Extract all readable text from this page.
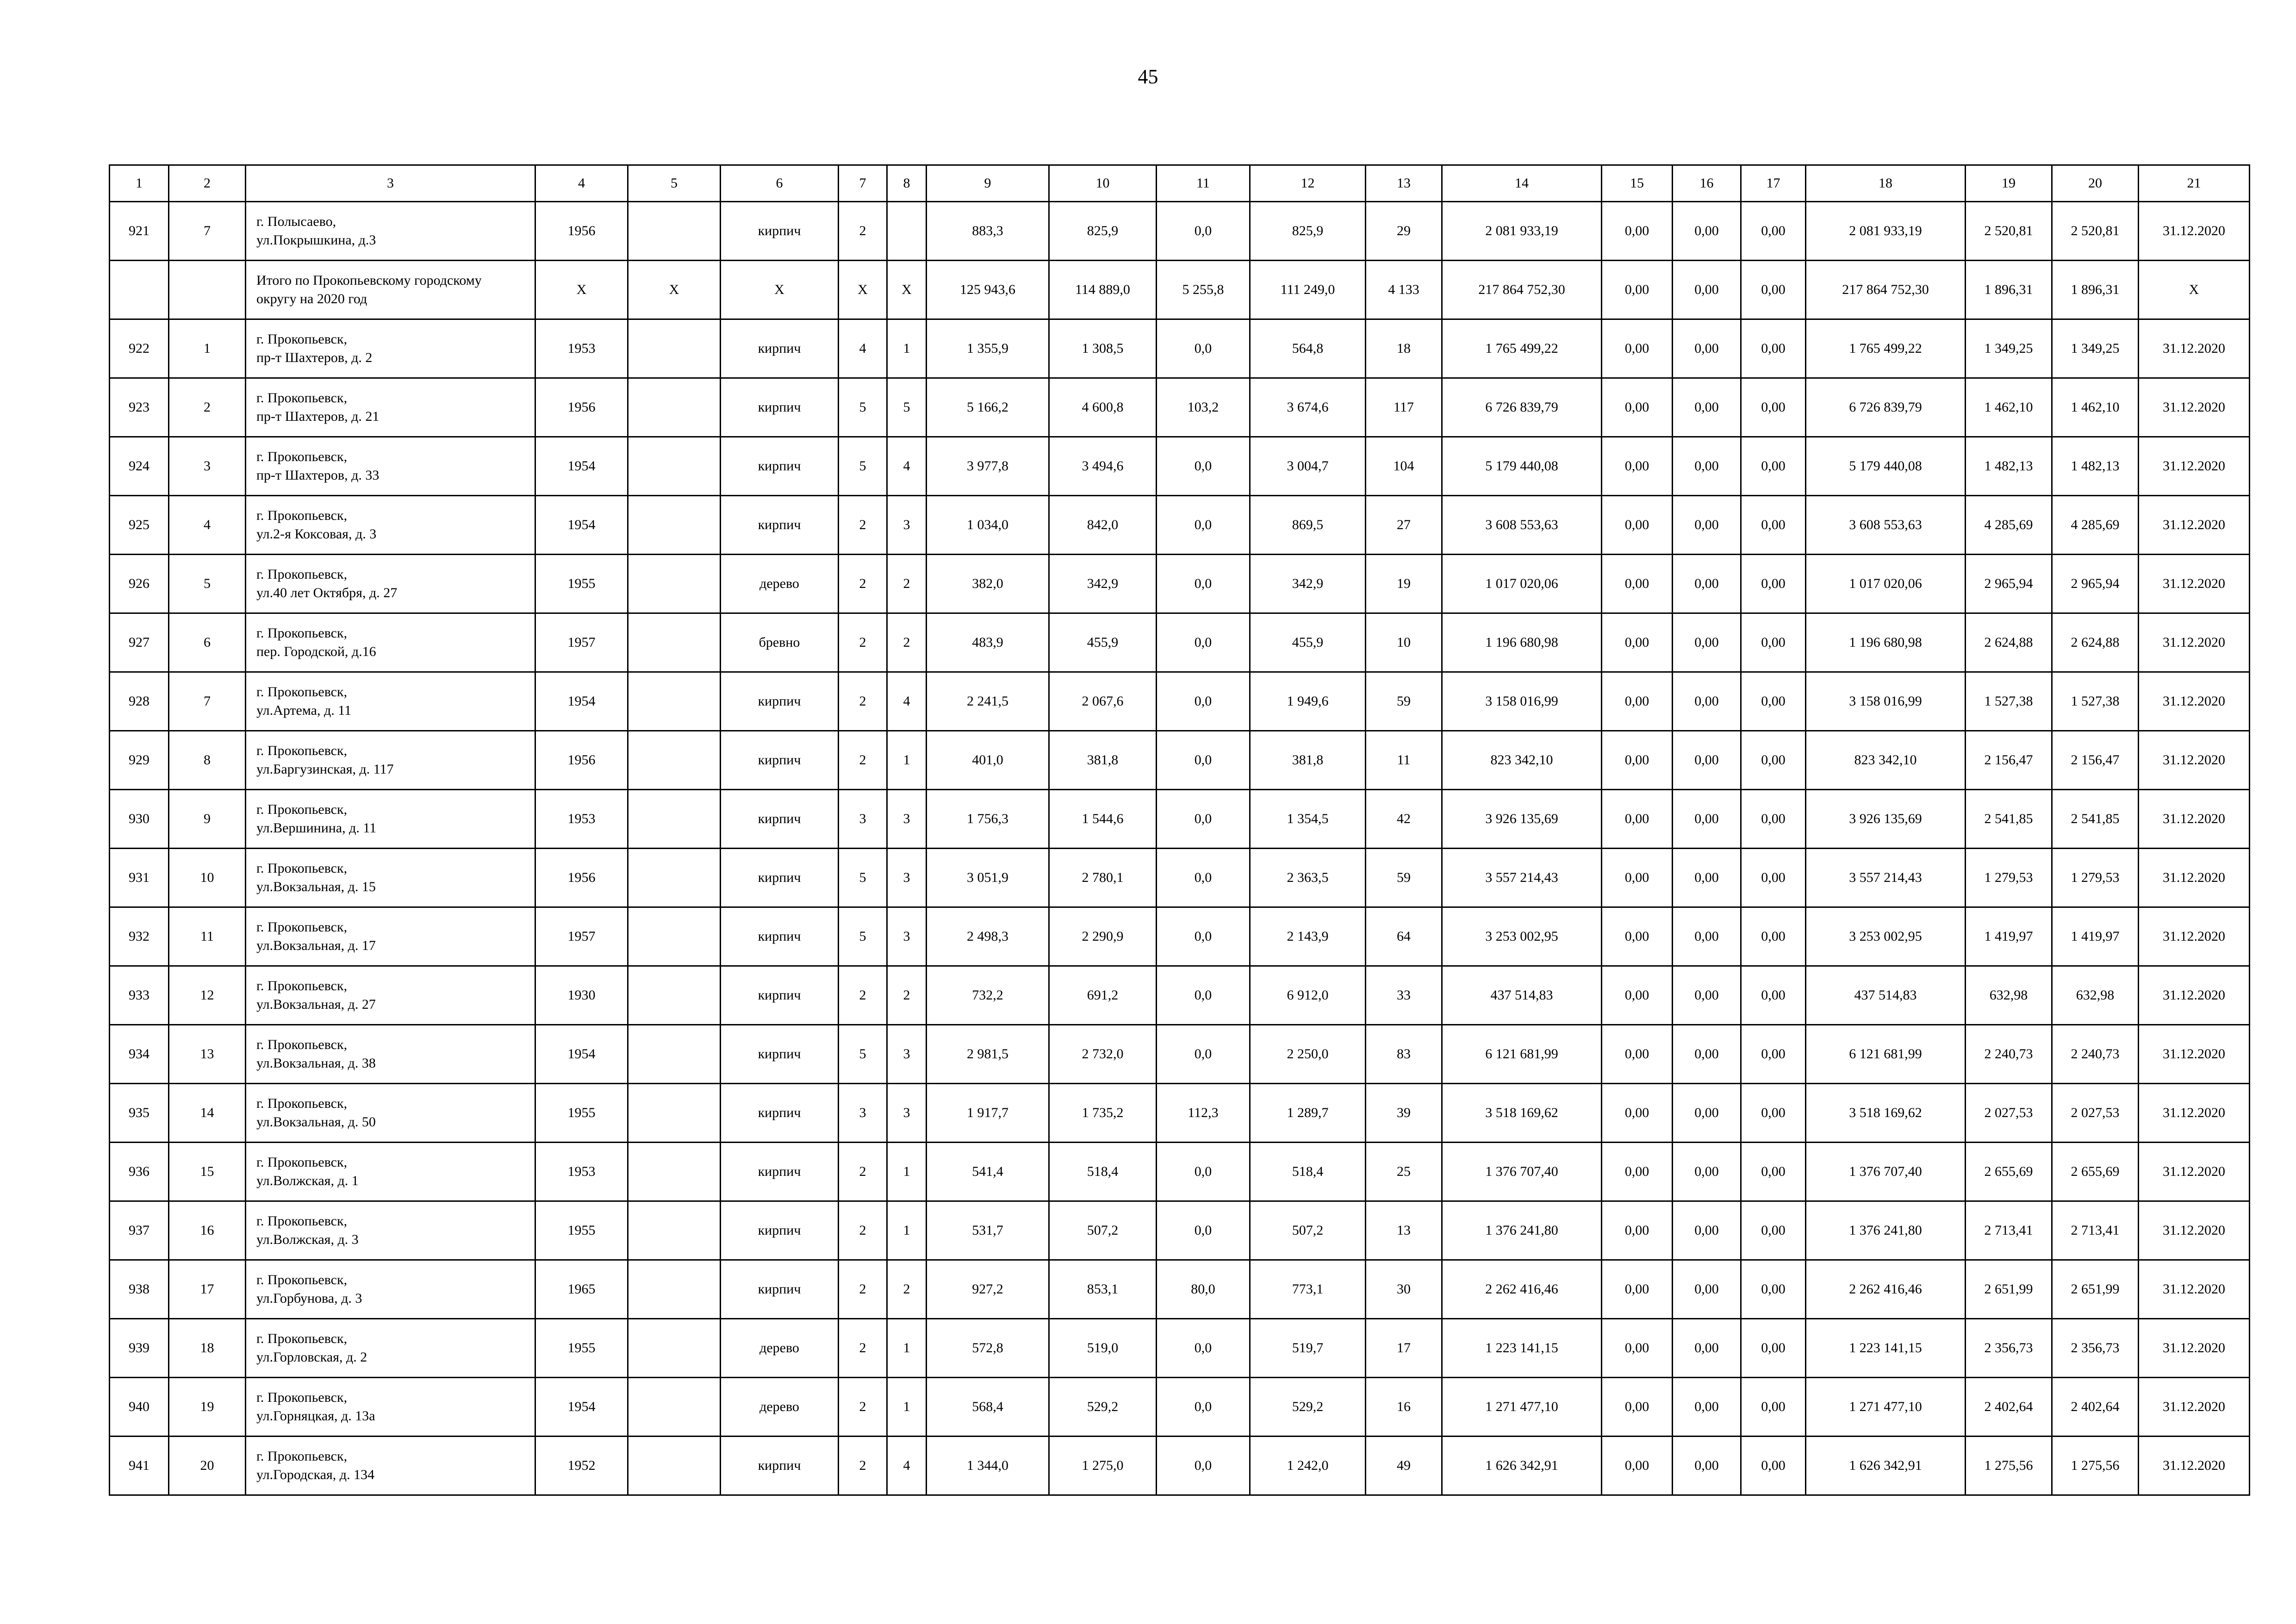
45
1	2	3	4	5	6	7	8	9	10	11	12	13	14	15	16	17	18	19	20	21
921	7	г. Полысаево,
ул.Покрышкина, д.3	1956		кирпич	2		883,3	825,9	0,0	825,9	29	2 081 933,19	0,00	0,00	0,00	2 081 933,19	2 520,81	2 520,81	31.12.2020

		Итого по Прокопьевскому городскому
округу на 2020 год	X	X	X	X	X	125 943,6	114 889,0	5 255,8	111 249,0	4 133	217 864 752,30	0,00	0,00	0,00	217 864 752,30	1 896,31	1 896,31	X
922	1	г. Прокопьевск,
пр-т Шахтеров, д. 2	1953		кирпич	4	1	1 355,9	1 308,5	0,0	564,8	18	1 765 499,22	0,00	0,00	0,00	1 765 499,22	1 349,25	1 349,25	31.12.2020
923	2	г. Прокопьевск,
пр-т Шахтеров, д. 21	1956		кирпич	5	5	5 166,2	4 600,8	103,2	3 674,6	117	6 726 839,79	0,00	0,00	0,00	6 726 839,79	1 462,10	1 462,10	31.12.2020
924	3	г. Прокопьевск,
пр-т Шахтеров, д. 33	1954		кирпич	5	4	3 977,8	3 494,6	0,0	3 004,7	104	5 179 440,08	0,00	0,00	0,00	5 179 440,08	1 482,13	1 482,13	31.12.2020
925	4	г. Прокопьевск,
ул.2-я Коксовая, д. 3	1954		кирпич	2	3	1 034,0	842,0	0,0	869,5	27	3 608 553,63	0,00	0,00	0,00	3 608 553,63	4 285,69	4 285,69	31.12.2020
926	5	г. Прокопьевск,
ул.40 лет Октября, д. 27	1955		дерево	2	2	382,0	342,9	0,0	342,9	19	1 017 020,06	0,00	0,00	0,00	1 017 020,06	2 965,94	2 965,94	31.12.2020
927	6	г. Прокопьевск,
пер. Городской, д.16	1957		бревно	2	2	483,9	455,9	0,0	455,9	10	1 196 680,98	0,00	0,00	0,00	1 196 680,98	2 624,88	2 624,88	31.12.2020
928	7	г. Прокопьевск,
ул.Артема, д. 11	1954		кирпич	2	4	2 241,5	2 067,6	0,0	1 949,6	59	3 158 016,99	0,00	0,00	0,00	3 158 016,99	1 527,38	1 527,38	31.12.2020
929	8	г. Прокопьевск,
ул.Баргузинская, д. 117	1956		кирпич	2	1	401,0	381,8	0,0	381,8	11	823 342,10	0,00	0,00	0,00	823 342,10	2 156,47	2 156,47	31.12.2020
930	9	г. Прокопьевск,
ул.Вершинина, д. 11	1953		кирпич	3	3	1 756,3	1 544,6	0,0	1 354,5	42	3 926 135,69	0,00	0,00	0,00	3 926 135,69	2 541,85	2 541,85	31.12.2020
931	10	г. Прокопьевск,
ул.Вокзальная, д. 15	1956		кирпич	5	3	3 051,9	2 780,1	0,0	2 363,5	59	3 557 214,43	0,00	0,00	0,00	3 557 214,43	1 279,53	1 279,53	31.12.2020
932	11	г. Прокопьевск,
ул.Вокзальная, д. 17	1957		кирпич	5	3	2 498,3	2 290,9	0,0	2 143,9	64	3 253 002,95	0,00	0,00	0,00	3 253 002,95	1 419,97	1 419,97	31.12.2020
933	12	г. Прокопьевск,
ул.Вокзальная, д. 27	1930		кирпич	2	2	732,2	691,2	0,0	6 912,0	33	437 514,83	0,00	0,00	0,00	437 514,83	632,98	632,98	31.12.2020
934	13	г. Прокопьевск,
ул.Вокзальная, д. 38	1954		кирпич	5	3	2 981,5	2 732,0	0,0	2 250,0	83	6 121 681,99	0,00	0,00	0,00	6 121 681,99	2 240,73	2 240,73	31.12.2020
935	14	г. Прокопьевск,
ул.Вокзальная, д. 50	1955		кирпич	3	3	1 917,7	1 735,2	112,3	1 289,7	39	3 518 169,62	0,00	0,00	0,00	3 518 169,62	2 027,53	2 027,53	31.12.2020
936	15	г. Прокопьевск,
ул.Волжская, д. 1	1953		кирпич	2	1	541,4	518,4	0,0	518,4	25	1 376 707,40	0,00	0,00	0,00	1 376 707,40	2 655,69	2 655,69	31.12.2020
937	16	г. Прокопьевск,
ул.Волжская, д. 3	1955		кирпич	2	1	531,7	507,2	0,0	507,2	13	1 376 241,80	0,00	0,00	0,00	1 376 241,80	2 713,41	2 713,41	31.12.2020
938	17	г. Прокопьевск,
ул.Горбунова, д. 3	1965		кирпич	2	2	927,2	853,1	80,0	773,1	30	2 262 416,46	0,00	0,00	0,00	2 262 416,46	2 651,99	2 651,99	31.12.2020
939	18	г. Прокопьевск,
ул.Горловская, д. 2	1955		дерево	2	1	572,8	519,0	0,0	519,7	17	1 223 141,15	0,00	0,00	0,00	1 223 141,15	2 356,73	2 356,73	31.12.2020
940	19	г. Прокопьевск,
ул.Горняцкая, д. 13а	1954		дерево	2	1	568,4	529,2	0,0	529,2	16	1 271 477,10	0,00	0,00	0,00	1 271 477,10	2 402,64	2 402,64	31.12.2020
941	20	г. Прокопьевск,
ул.Городская, д. 134	1952		кирпич	2	4	1 344,0	1 275,0	0,0	1 242,0	49	1 626 342,91	0,00	0,00	0,00	1 626 342,91	1 275,56	1 275,56	31.12.2020
